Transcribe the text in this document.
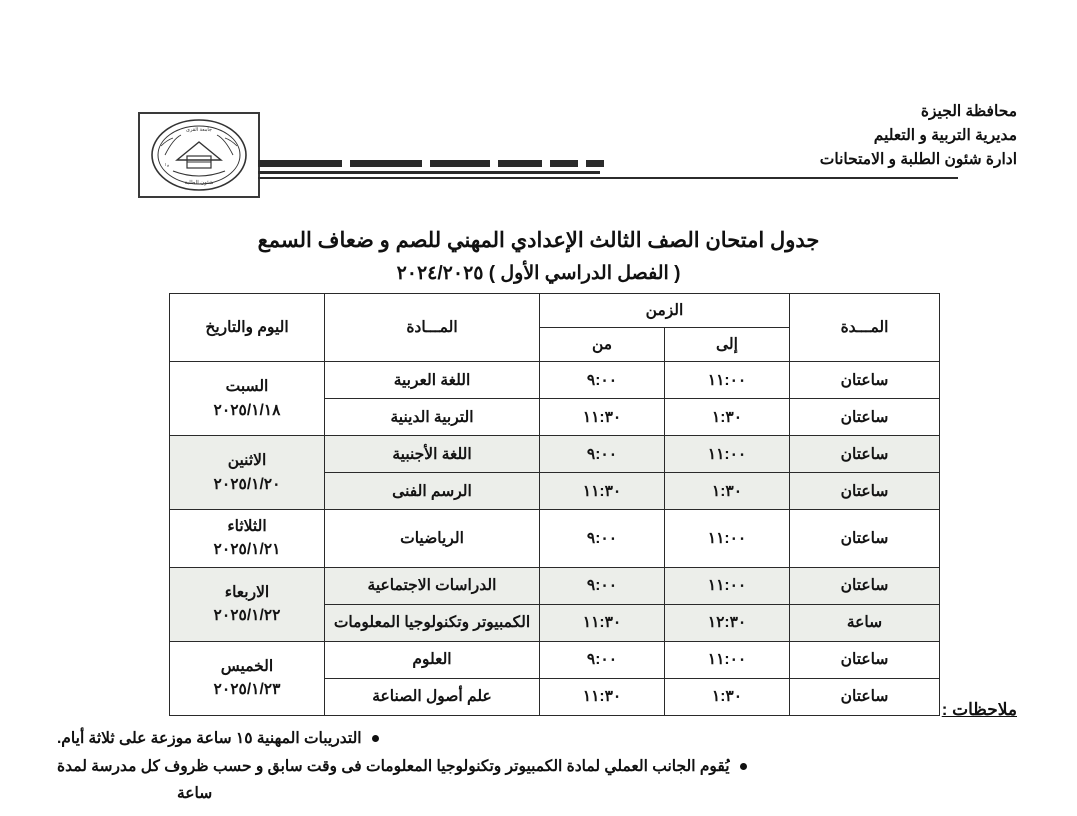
محافظة الجيزة
مديرية التربية و التعليم
ادارة شئون الطلبة و الامتحانات
جامعة القرى
شئون الطلبة
و ا
جدول امتحان الصف الثالث الإعدادي المهني للصم و ضعاف السمع
( الفصل الدراسي الأول ) ٢٠٢٤/٢٠٢٥
المـــدة	الزمن		المـــادة	اليوم والتاريخ
	إلى	من		
ساعتان	١١:٠٠	٩:٠٠	اللغة العربية	السبت
٢٠٢٥/١/١٨

ساعتان	١:٣٠	١١:٣٠	التربية الدينية	
ساعتان	١١:٠٠	٩:٠٠	اللغة الأجنبية	الاثنين
٢٠٢٥/١/٢٠

ساعتان	١:٣٠	١١:٣٠	الرسم الفنى	
ساعتان	١١:٠٠	٩:٠٠	الرياضيات	الثلاثاء
٢٠٢٥/١/٢١

ساعتان	١١:٠٠	٩:٠٠	الدراسات الاجتماعية	الاربعاء
٢٠٢٥/١/٢٢

ساعة	١٢:٣٠	١١:٣٠	الكمبيوتر وتكنولوجيا المعلومات	
ساعتان	١١:٠٠	٩:٠٠	العلوم	الخميس
٢٠٢٥/١/٢٣

ساعتان	١:٣٠	١١:٣٠	علم أصول الصناعة	
ملاحظات :
التدريبات المهنية ١٥ ساعة موزعة على ثلاثة أيام.
يُقوم الجانب العملي لمادة الكمبيوتر وتكنولوجيا المعلومات فى وقت سابق و حسب ظروف كل مدرسة لمدة
ساعة
